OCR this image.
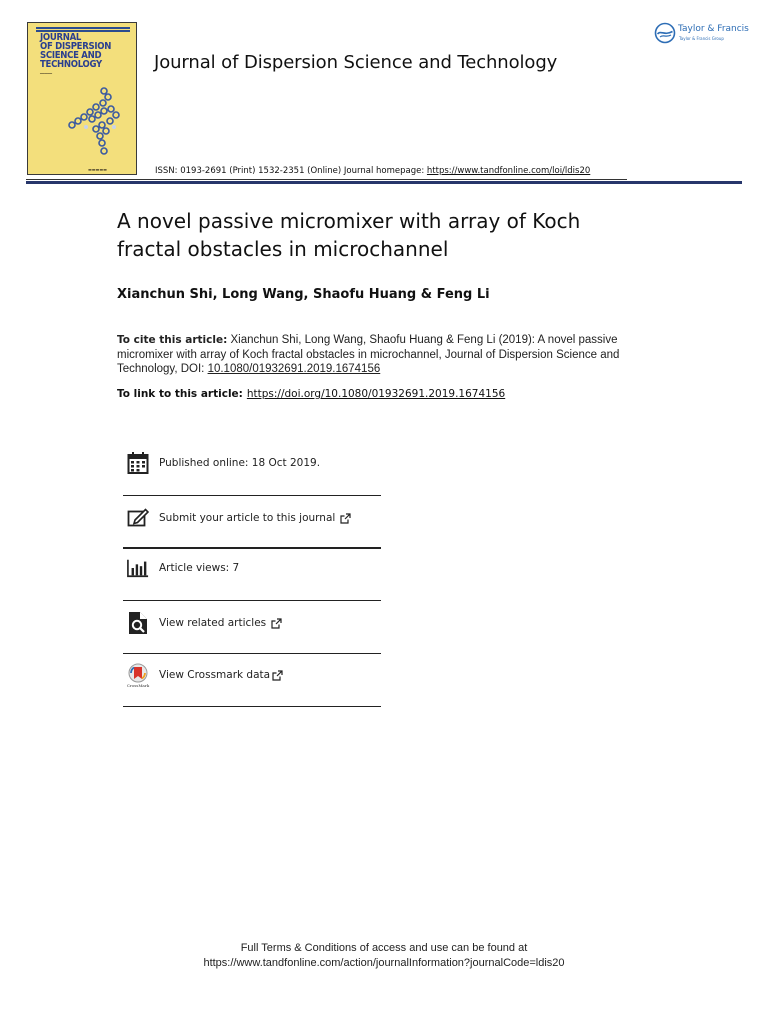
JOURNAL
OF DISPERSION
SCIENCE AND
TECHNOLOGY
━━━━━
▬▬▬▬▬
Journal of Dispersion Science and Technology
Taylor & Francis
Taylor & Francis Group
ISSN: 0193-2691 (Print) 1532-2351 (Online) Journal homepage: https://www.tandfonline.com/loi/ldis20
A novel passive micromixer with array of Koch
fractal obstacles in microchannel
Xianchun Shi, Long Wang, Shaofu Huang & Feng Li
To cite this article: Xianchun Shi, Long Wang, Shaofu Huang & Feng Li (2019): A novel passive micromixer with array of Koch fractal obstacles in microchannel, Journal of Dispersion Science and Technology, DOI: 10.1080/01932691.2019.1674156
To link to this article: https://doi.org/10.1080/01932691.2019.1674156
Published online: 18 Oct 2019.
Submit your article to this journal
Article views: 7
View related articles
CrossMark
View Crossmark data
Full Terms & Conditions of access and use can be found at
https://www.tandfonline.com/action/journalInformation?journalCode=ldis20
